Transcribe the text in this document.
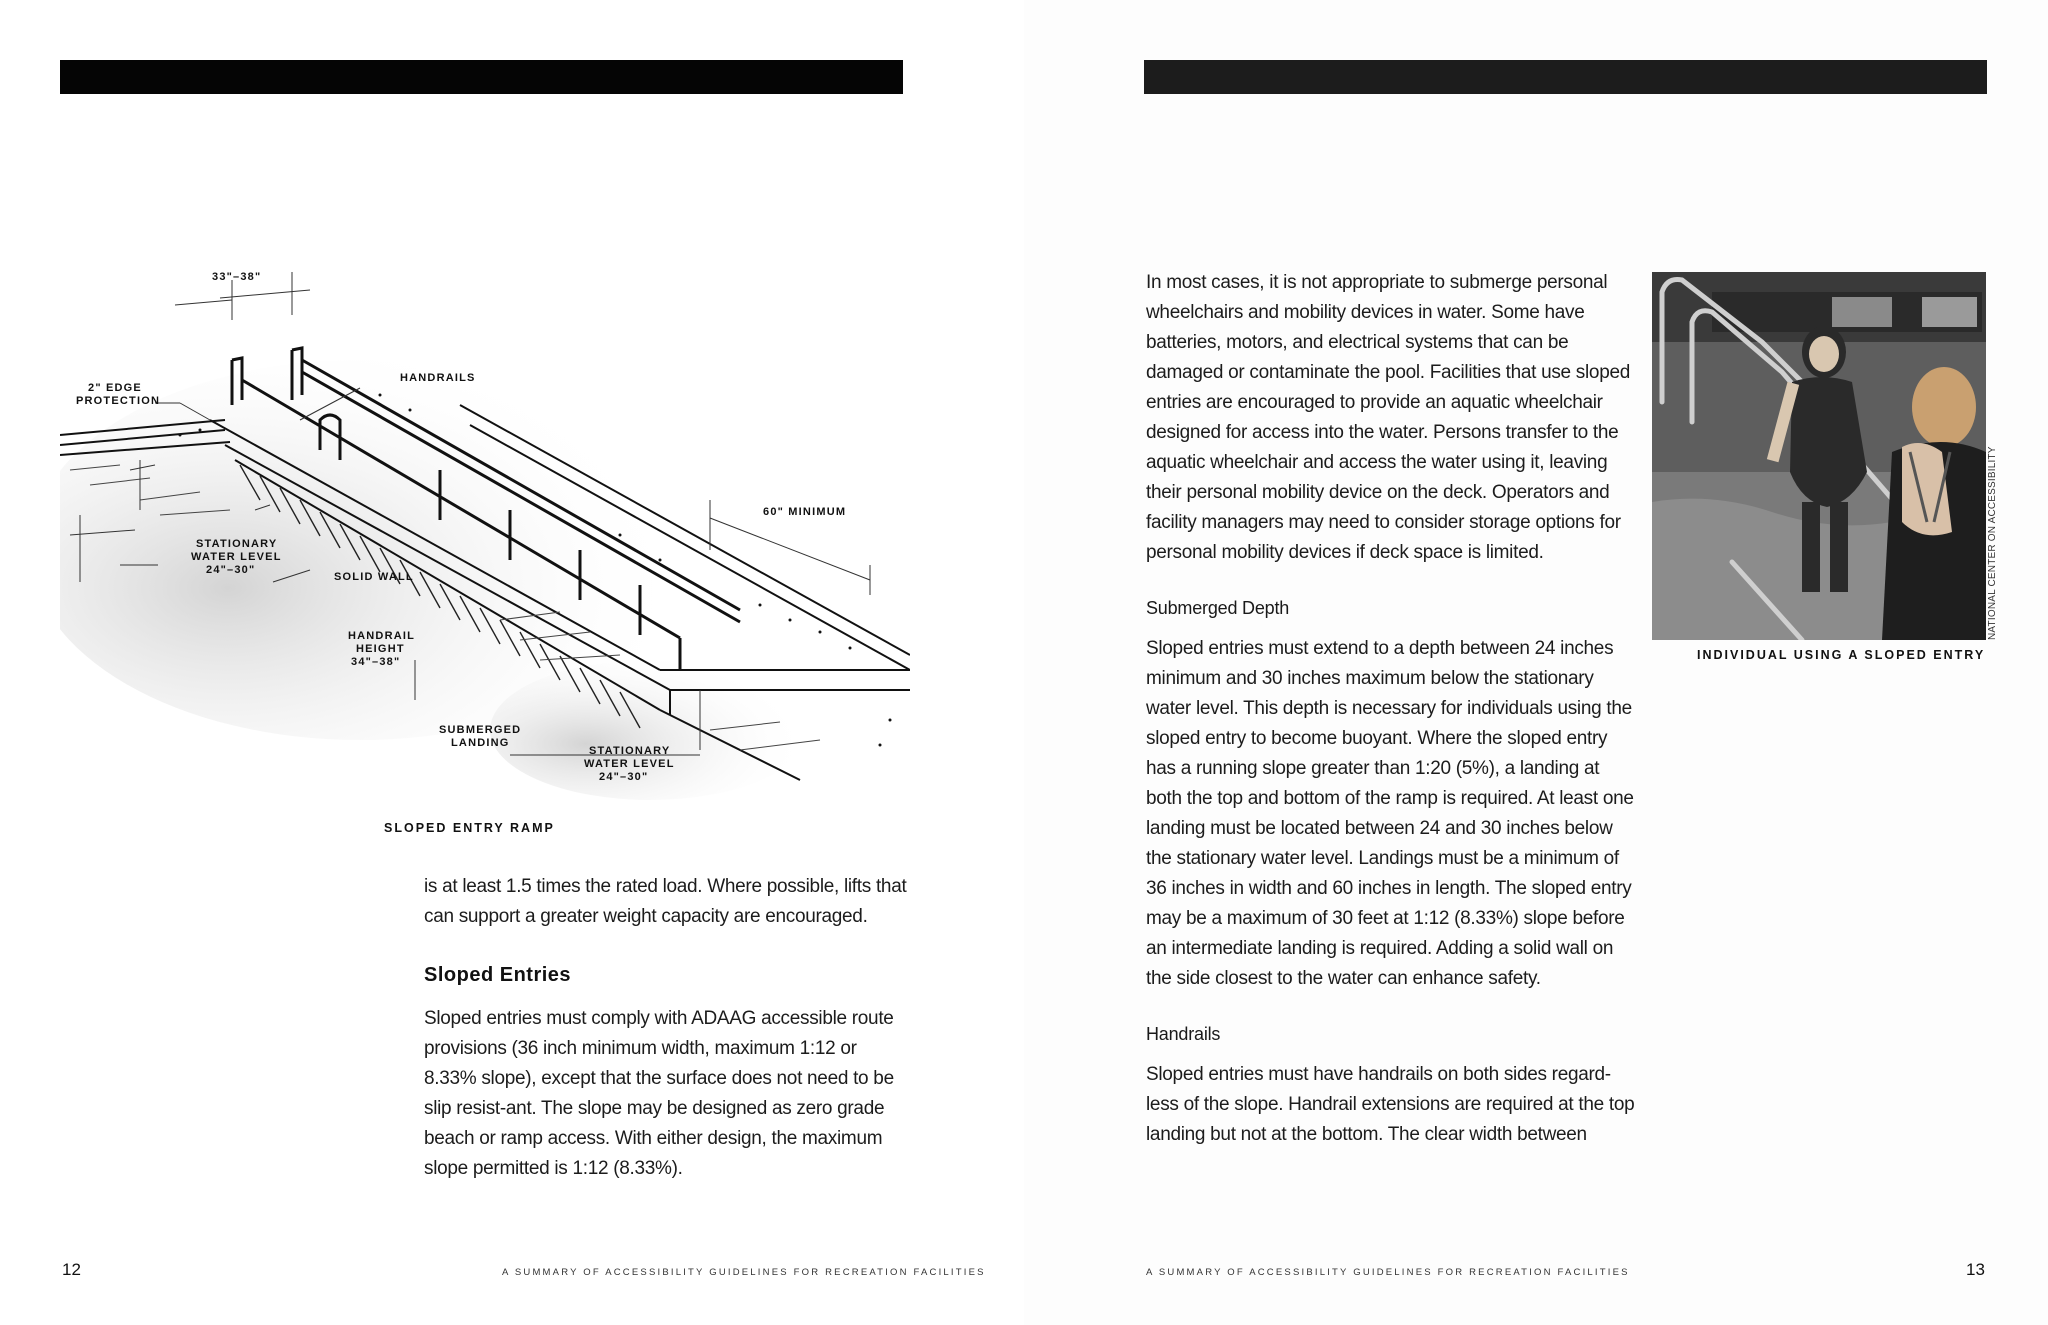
33"–38"
2" EDGE
PROTECTION
HANDRAILS
60" MINIMUM
STATIONARY
WATER LEVEL
24"–30"
SOLID WALL
HANDRAIL
HEIGHT
34"–38"
SUBMERGED
LANDING
STATIONARY
WATER LEVEL
24"–30"
SLOPED ENTRY RAMP

is at least 1.5 times the rated load. Where possible, lifts that can support a greater weight capacity are encouraged.

Sloped Entries

Sloped entries must comply with ADAAG accessible route provisions (36 inch minimum width, maximum 1:12 or 8.33% slope), except that the surface does not need to be slip resist-ant. The slope may be designed as zero grade beach or ramp access. With either design, the maximum slope permitted is 1:12 (8.33%).

12	A SUMMARY OF ACCESSIBILITY GUIDELINES FOR RECREATION FACILITIES

In most cases, it is not appropriate to submerge personal wheelchairs and mobility devices in water. Some have batteries, motors, and electrical systems that can be damaged or contaminate the pool. Facilities that use sloped entries are encouraged to provide an aquatic wheelchair designed for access into the water. Persons transfer to the aquatic wheelchair and access the water using it, leaving their personal mobility device on the deck. Operators and facility managers may need to consider storage options for personal mobility devices if deck space is limited.

Submerged Depth

Sloped entries must extend to a depth between 24 inches minimum and 30 inches maximum below the stationary water level. This depth is necessary for individuals using the sloped entry to become buoyant. Where the sloped entry has a running slope greater than 1:20 (5%), a landing at both the top and bottom of the ramp is required. At least one landing must be located between 24 and 30 inches below the stationary water level. Landings must be a minimum of 36 inches in width and 60 inches in length. The sloped entry may be a maximum of 30 feet at 1:12 (8.33%) slope before an intermediate landing is required. Adding a solid wall on the side closest to the water can enhance safety.

Handrails

Sloped entries must have handrails on both sides regard-less of the slope. Handrail extensions are required at the top landing but not at the bottom. The clear width between

NATIONAL CENTER ON ACCESSIBILITY
INDIVIDUAL USING A SLOPED ENTRY
A SUMMARY OF ACCESSIBILITY GUIDELINES FOR RECREATION FACILITIES	13
